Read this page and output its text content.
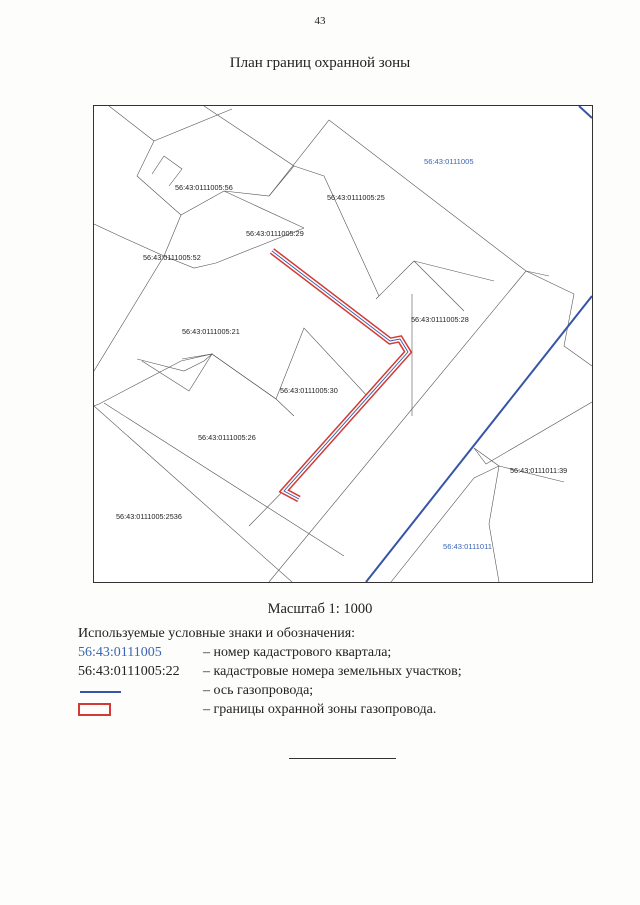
43
План границ охранной зоны
56:43:0111005
56:43:0111011
56:43:0111005:56
56:43:0111005:25
56:43:0111005:29
56:43:0111005:52
56:43:0111005:28
56:43:0111005:21
56:43:0111005:30
56:43:0111005:26
56:43:0111011:39
56:43:0111005:2536
Масштаб 1: 1000
Используемые условные знаки и обозначения:
56:43:0111005	– номер кадастрового квартала;
56:43:0111005:22 – кадастровые номера земельных участков;
– ось газопровода;
– границы охранной зоны газопровода.
